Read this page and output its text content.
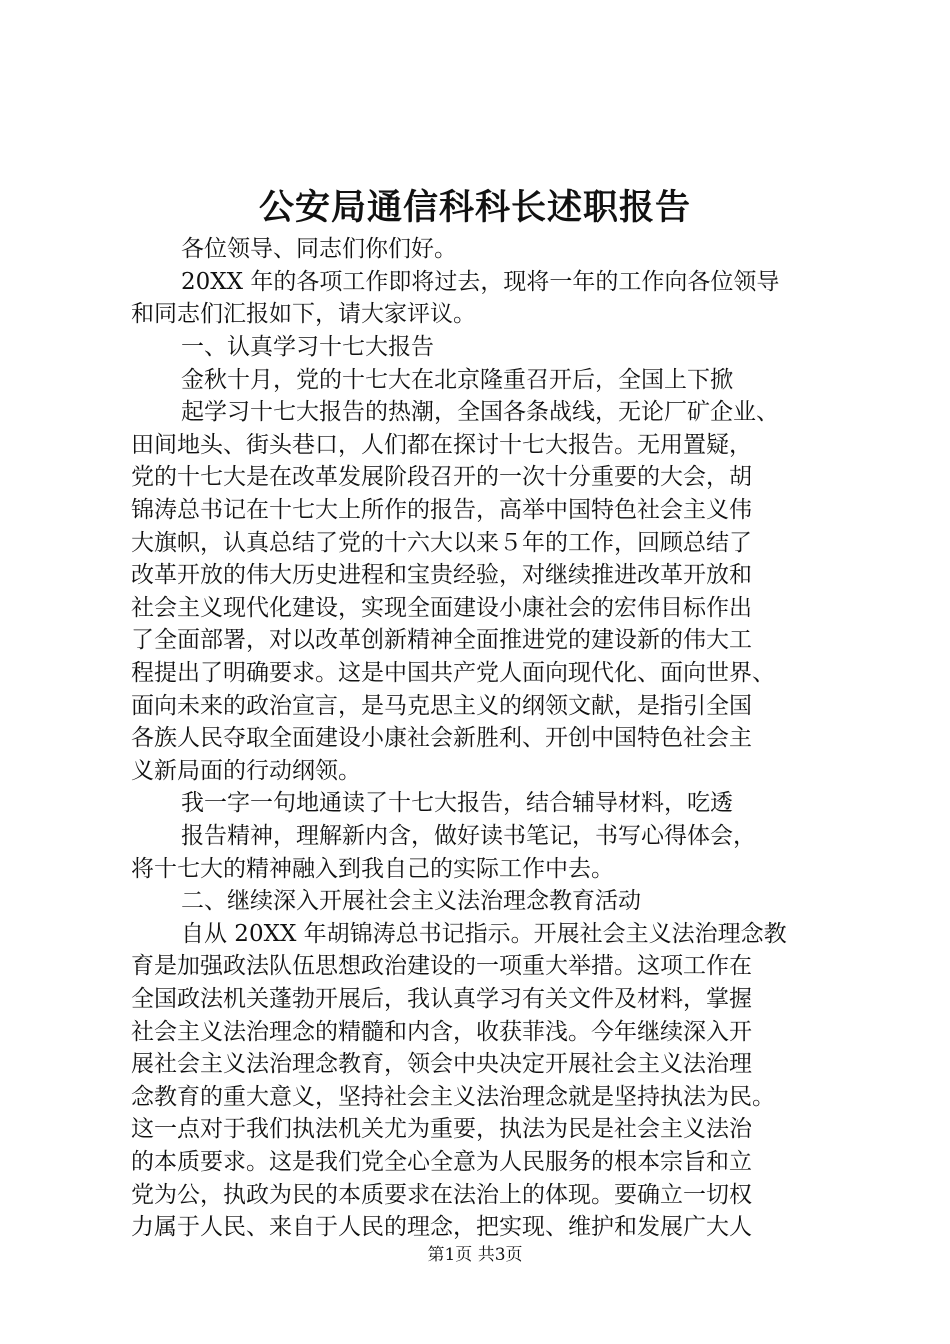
公安局通信科科长述职报告

各位领导、同志们你们好。

20XX 年的各项工作即将过去，现将一年的工作向各位领导

和同志们汇报如下，请大家评议。

一、认真学习十七大报告

金秋十月，党的十七大在北京隆重召开后，全国上下掀

起学习十七大报告的热潮，全国各条战线，无论厂矿企业、

田间地头、街头巷口，人们都在探讨十七大报告。无用置疑，

党的十七大是在改革发展阶段召开的一次十分重要的大会，胡

锦涛总书记在十七大上所作的报告，高举中国特色社会主义伟

大旗帜，认真总结了党的十六大以来５年的工作，回顾总结了

改革开放的伟大历史进程和宝贵经验，对继续推进改革开放和

社会主义现代化建设，实现全面建设小康社会的宏伟目标作出

了全面部署，对以改革创新精神全面推进党的建设新的伟大工

程提出了明确要求。这是中国共产党人面向现代化、面向世界、

面向未来的政治宣言，是马克思主义的纲领文献，是指引全国

各族人民夺取全面建设小康社会新胜利、开创中国特色社会主

义新局面的行动纲领。

我一字一句地通读了十七大报告，结合辅导材料，吃透

报告精神，理解新内含，做好读书笔记，书写心得体会，

将十七大的精神融入到我自己的实际工作中去。

二、继续深入开展社会主义法治理念教育活动

自从 20XX 年胡锦涛总书记指示。开展社会主义法治理念教

育是加强政法队伍思想政治建设的一项重大举措。这项工作在

全国政法机关蓬勃开展后，我认真学习有关文件及材料，掌握

社会主义法治理念的精髓和内含，收获菲浅。今年继续深入开

展社会主义法治理念教育，领会中央决定开展社会主义法治理

念教育的重大意义，坚持社会主义法治理念就是坚持执法为民。

这一点对于我们执法机关尤为重要，执法为民是社会主义法治

的本质要求。这是我们党全心全意为人民服务的根本宗旨和立

党为公，执政为民的本质要求在法治上的体现。要确立一切权

力属于人民、来自于人民的理念，把实现、维护和发展广大人

第1页 共3页
